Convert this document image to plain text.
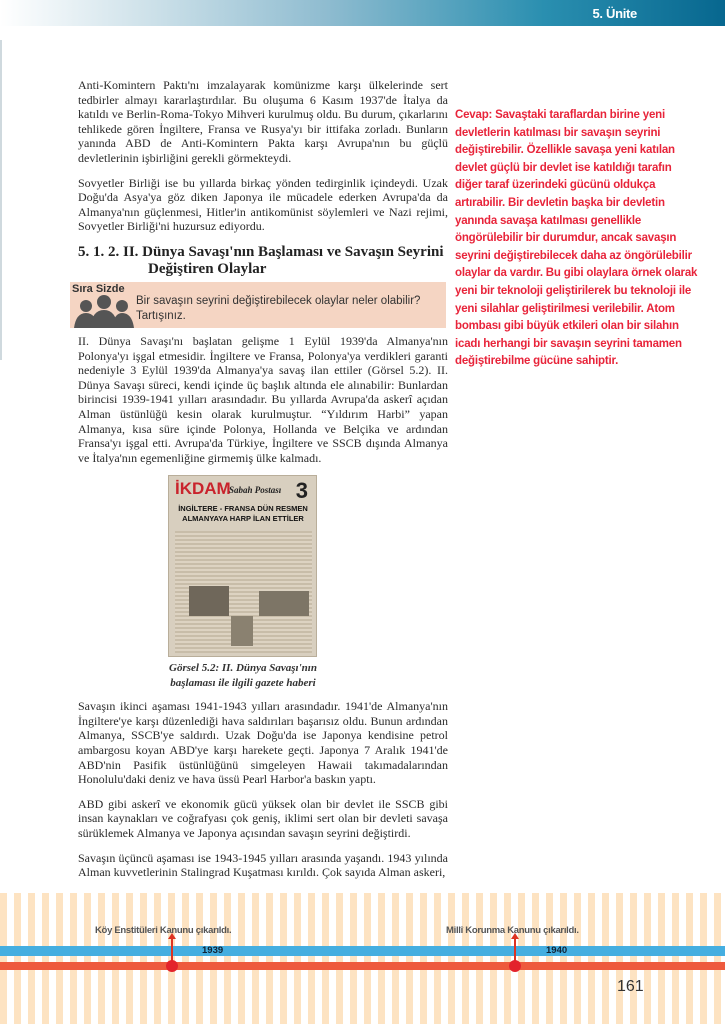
5. Ünite

Anti-Komintern Paktı'nı imzalayarak komünizme karşı ülkelerinde sert tedbirler almayı kararlaştırdılar. Bu oluşuma 6 Kasım 1937'de İtalya da katıldı ve Berlin-Roma-Tokyo Mihveri kurulmuş oldu. Bu durum, çıkarlarını tehlikede gören İngiltere, Fransa ve Rusya'yı bir ittifaka zorladı. Bunların yanında ABD de Anti-Komintern Pakta karşı Avrupa'nın bu güçlü devletlerinin işbirliğini gerekli görmekteydi.

Sovyetler Birliği ise bu yıllarda birkaç yönden tedirginlik içindeydi. Uzak Doğu'da Asya'ya göz diken Japonya ile mücadele ederken Avrupa'da da Almanya'nın güçlenmesi, Hitler'in antikomünist söylemleri ve Nazi rejimi, Sovyetler Birliği'ni huzursuz ediyordu.

5. 1. 2. II. Dünya Savaşı'nın Başlaması ve Savaşın Seyrini
Değiştiren Olaylar
Sıra Sizde

Bir savaşın seyrini değiştirebilecek olaylar neler olabilir? Tartışınız.

II. Dünya Savaşı'nı başlatan gelişme 1 Eylül 1939'da Almanya'nın Polonya'yı işgal etmesidir. İngiltere ve Fransa, Polonya'ya verdikleri garanti nedeniyle 3 Eylül 1939'da Almanya'ya savaş ilan ettiler (Görsel 5.2). II. Dünya Savaşı süreci, kendi içinde üç başlık altında ele alınabilir: Bunlardan birincisi 1939-1941 yılları arasındadır. Bu yıllarda Avrupa'da askerî açıdan Alman üstünlüğü kesin olarak kurulmuştur. “Yıldırım Harbi” yapan Almanya, kısa süre içinde Polonya, Hollanda ve Belçika ve ardından Fransa'yı işgal etti. Avrupa'da Türkiye, İngiltere ve SSCB dışında Almanya ve İtalya'nın egemenliğine girmemiş ülke kalmadı.

İKDAM
Sabah Postası 3
İNGİLTERE - FRANSA DÜN RESMEN
ALMANYAYA HARP İLAN ETTİLER
Görsel 5.2: II. Dünya Savaşı'nın
başlaması ile ilgili gazete haberi

Savaşın ikinci aşaması 1941-1943 yılları arasındadır. 1941'de Almanya'nın İngiltere'ye karşı düzenlediği hava saldırıları başarısız oldu. Bunun ardından Almanya, SSCB'ye saldırdı. Uzak Doğu'da ise Japonya kendisine petrol ambargosu koyan ABD'ye karşı harekete geçti. Japonya 7 Aralık 1941'de ABD'nin Pasifik üstünlüğünü simgeleyen Hawaii takımadalarından Honolulu'daki deniz ve hava üssü Pearl Harbor'a baskın yaptı.

ABD gibi askerî ve ekonomik gücü yüksek olan bir devlet ile SSCB gibi insan kaynakları ve coğrafyası çok geniş, iklimi sert olan bir devleti savaşa sürüklemek Almanya ve Japonya açısından savaşın seyrini değiştirdi.

Savaşın üçüncü aşaması ise 1943-1945 yılları arasında yaşandı. 1943 yılında Alman kuvvetlerinin Stalingrad Kuşatması kırıldı. Çok sayıda Alman askeri,

Cevap: Savaştaki taraflardan birine yeni
devletlerin katılması bir savaşın seyrini
değiştirebilir. Özellikle savaşa yeni katılan
devlet güçlü bir devlet ise katıldığı tarafın
diğer taraf üzerindeki gücünü oldukça
artırabilir. Bir devletin başka bir devletin
yanında savaşa katılması genellikle
öngörülebilir bir durumdur, ancak savaşın
seyrini değiştirebilecek daha az öngörülebilir
olaylar da vardır. Bu gibi olaylara örnek olarak
yeni bir teknoloji geliştirilerek bu teknoloji ile
yeni silahlar geliştirilmesi verilebilir. Atom
bombası gibi büyük etkileri olan bir silahın
icadı herhangi bir savaşın seyrini tamamen
değiştirebilme gücüne sahiptir.
Köy Enstitüleri Kanunu çıkarıldı.	Millî Korunma Kanunu çıkarıldı.
1939	1940
161
